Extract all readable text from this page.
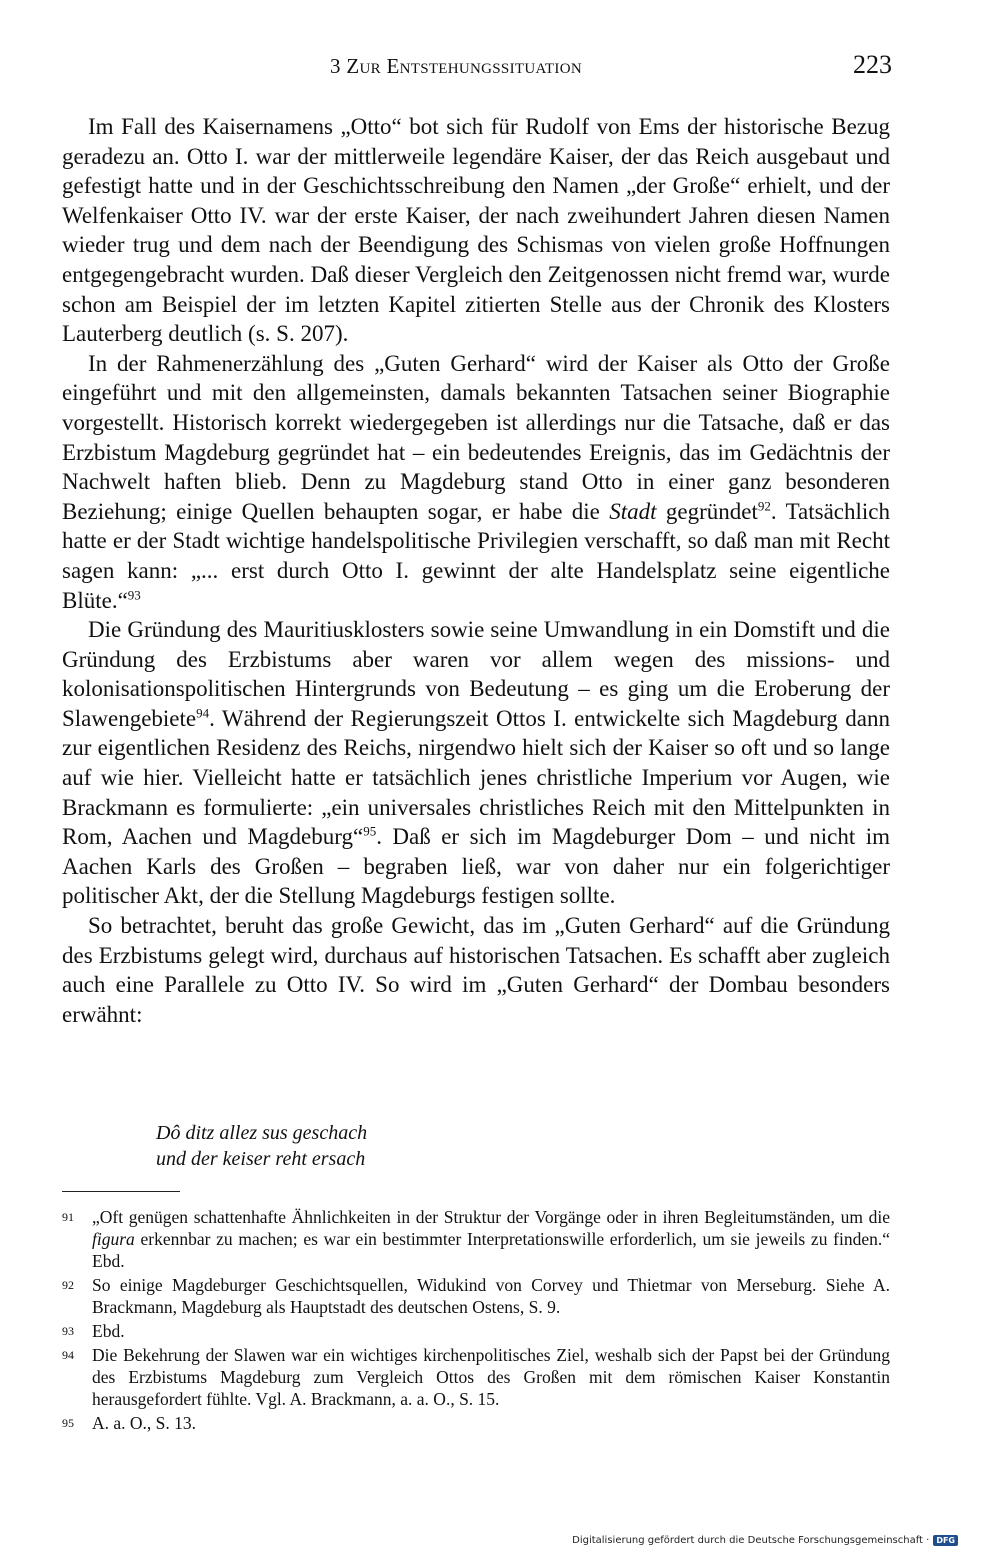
3 Zur Entstehungssituation	223

Im Fall des Kaisernamens „Otto“ bot sich für Rudolf von Ems der historische Bezug geradezu an. Otto I. war der mittlerweile legendäre Kaiser, der das Reich ausgebaut und gefestigt hatte und in der Geschichtsschreibung den Namen „der Große“ erhielt, und der Welfenkaiser Otto IV. war der erste Kaiser, der nach zweihundert Jahren diesen Namen wieder trug und dem nach der Beendigung des Schismas von vielen große Hoffnungen entgegengebracht wurden. Daß dieser Vergleich den Zeitgenossen nicht fremd war, wurde schon am Beispiel der im letzten Kapitel zitierten Stelle aus der Chronik des Klosters Lauterberg deutlich (s. S. 207).

In der Rahmenerzählung des „Guten Gerhard“ wird der Kaiser als Otto der Große eingeführt und mit den allgemeinsten, damals bekannten Tatsachen seiner Biographie vorgestellt. Historisch korrekt wiedergegeben ist allerdings nur die Tatsache, daß er das Erzbistum Magdeburg gegründet hat – ein bedeutendes Ereignis, das im Gedächtnis der Nachwelt haften blieb. Denn zu Magdeburg stand Otto in einer ganz besonderen Beziehung; einige Quellen behaupten sogar, er habe die Stadt gegründet$^{92}$. Tatsächlich hatte er der Stadt wichtige handelspolitische Privilegien verschafft, so daß man mit Recht sagen kann: „... erst durch Otto I. gewinnt der alte Handelsplatz seine eigentliche Blüte.“$^{93}$

Die Gründung des Mauritiusklosters sowie seine Umwandlung in ein Domstift und die Gründung des Erzbistums aber waren vor allem wegen des missions- und kolonisationspolitischen Hintergrunds von Bedeutung – es ging um die Eroberung der Slawengebiete$^{94}$. Während der Regierungszeit Ottos I. entwickelte sich Magdeburg dann zur eigentlichen Residenz des Reichs, nirgendwo hielt sich der Kaiser so oft und so lange auf wie hier. Vielleicht hatte er tatsächlich jenes christliche Imperium vor Augen, wie Brackmann es formulierte: „ein universales christliches Reich mit den Mittelpunkten in Rom, Aachen und Magdeburg“$^{95}$. Daß er sich im Magdeburger Dom – und nicht im Aachen Karls des Großen – begraben ließ, war von daher nur ein folgerichtiger politischer Akt, der die Stellung Magdeburgs festigen sollte.

So betrachtet, beruht das große Gewicht, das im „Guten Gerhard“ auf die Gründung des Erzbistums gelegt wird, durchaus auf historischen Tatsachen. Es schafft aber zugleich auch eine Parallele zu Otto IV. So wird im „Guten Gerhard“ der Dombau besonders erwähnt:

Dô ditz allez sus geschach
und der keiser reht ersach
91 „Oft genügen schattenhafte Ähnlichkeiten in der Struktur der Vorgänge oder in ihren Begleitumständen, um die figura erkennbar zu machen; es war ein bestimmter Interpretationswille erforderlich, um sie jeweils zu finden.“ Ebd.
92 So einige Magdeburger Geschichtsquellen, Widukind von Corvey und Thietmar von Merseburg. Siehe A. Brackmann, Magdeburg als Hauptstadt des deutschen Ostens, S. 9.
93 Ebd.
94 Die Bekehrung der Slawen war ein wichtiges kirchenpolitisches Ziel, weshalb sich der Papst bei der Gründung des Erzbistums Magdeburg zum Vergleich Ottos des Großen mit dem römischen Kaiser Konstantin herausgefordert fühlte. Vgl. A. Brackmann, a. a. O., S. 15.
95 A. a. O., S. 13.
Digitalisierung gefördert durch die Deutsche Forschungsgemeinschaft · DFG
